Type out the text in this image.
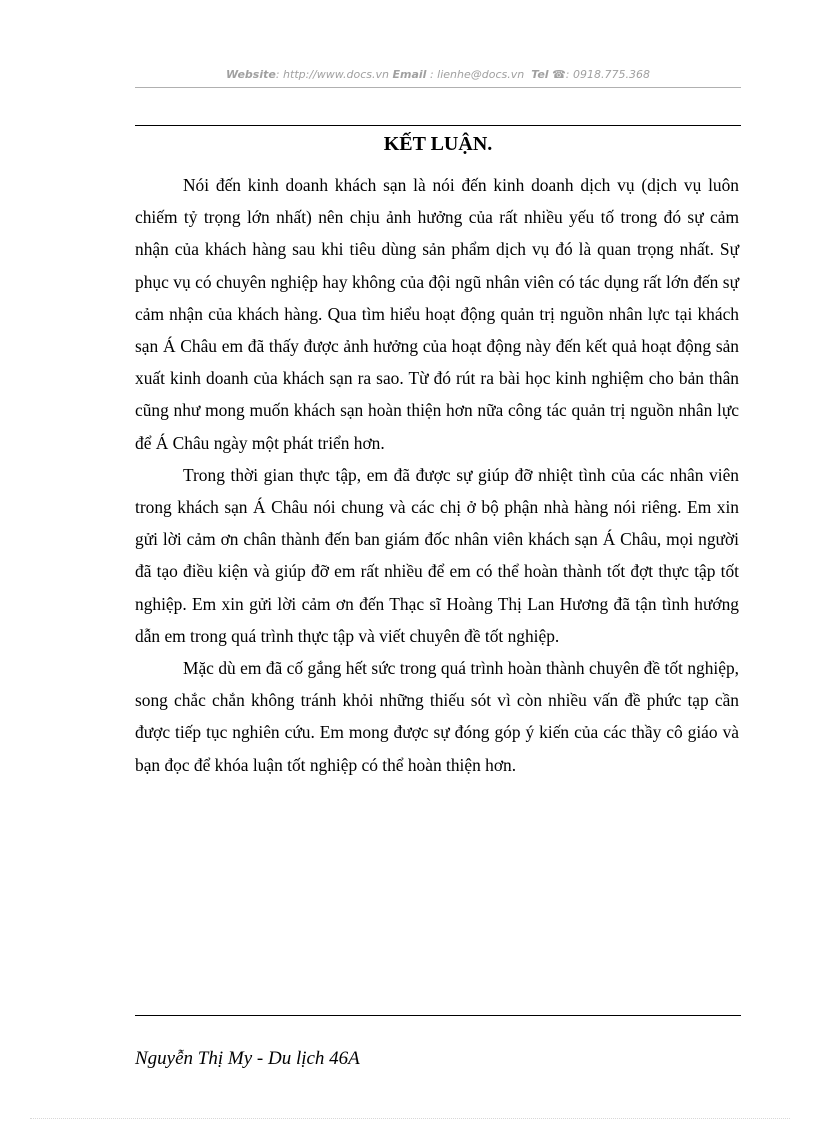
Website: http://www.docs.vn Email : lienhe@docs.vn Tel ☎: 0918.775.368
KẾT LUẬN.

Nói đến kinh doanh khách sạn là nói đến kinh doanh dịch vụ (dịch vụ luôn chiếm tỷ trọng lớn nhất) nên chịu ảnh hưởng của rất nhiều yếu tố trong đó sự cảm nhận của khách hàng sau khi tiêu dùng sản phẩm dịch vụ đó là quan trọng nhất. Sự phục vụ có chuyên nghiệp hay không của đội ngũ nhân viên có tác dụng rất lớn đến sự cảm nhận của khách hàng. Qua tìm hiểu hoạt động quản trị nguồn nhân lực tại khách sạn Á Châu em đã thấy được ảnh hưởng của hoạt động này đến kết quả hoạt động sản xuất kinh doanh của khách sạn ra sao. Từ đó rút ra bài học kinh nghiệm cho bản thân cũng như mong muốn khách sạn hoàn thiện hơn nữa công tác quản trị nguồn nhân lực để Á Châu ngày một phát triển hơn.

Trong thời gian thực tập, em đã được sự giúp đỡ nhiệt tình của các nhân viên trong khách sạn Á Châu nói chung và các chị ở bộ phận nhà hàng nói riêng. Em xin gửi lời cảm ơn chân thành đến ban giám đốc nhân viên khách sạn Á Châu, mọi người đã tạo điều kiện và giúp đỡ em rất nhiều để em có thể hoàn thành tốt đợt thực tập tốt nghiệp. Em xin gửi lời cảm ơn đến Thạc sĩ Hoàng Thị Lan Hương đã tận tình hướng dẫn em trong quá trình thực tập và viết chuyên đề tốt nghiệp.

Mặc dù em đã cố gắng hết sức trong quá trình hoàn thành chuyên đề tốt nghiệp, song chắc chắn không tránh khỏi những thiếu sót vì còn nhiều vấn đề phức tạp cần được tiếp tục nghiên cứu. Em mong được sự đóng góp ý kiến của các thầy cô giáo và bạn đọc để khóa luận tốt nghiệp có thể hoàn thiện hơn.

Nguyễn Thị My - Du lịch 46A
